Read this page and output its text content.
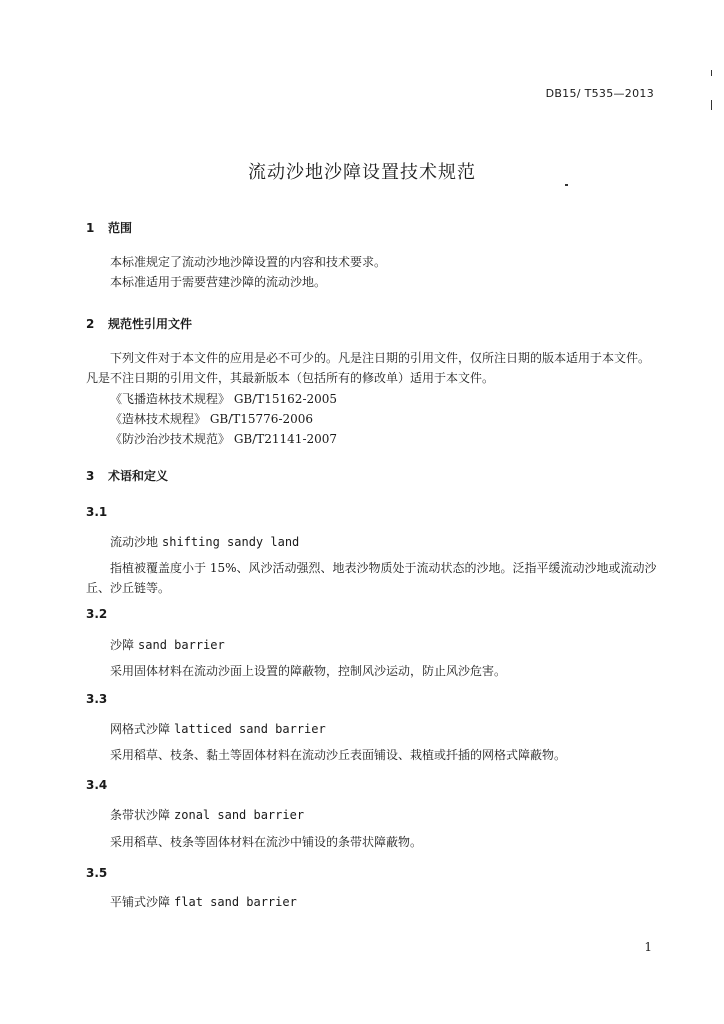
DB15/ T535—2013
流动沙地沙障设置技术规范
1 范围

本标准规定了流动沙地沙障设置的内容和技术要求。

本标准适用于需要营建沙障的流动沙地。

2 规范性引用文件

下列文件对于本文件的应用是必不可少的。凡是注日期的引用文件，仅所注日期的版本适用于本文件。凡是不注日期的引用文件，其最新版本（包括所有的修改单）适用于本文件。

《飞播造林技术规程》 GB/T15162-2005
《造林技术规程》 GB/T15776-2006
《防沙治沙技术规范》 GB/T21141-2007
3 术语和定义
3.1
流动沙地 shifting sandy land

指植被覆盖度小于 15%、风沙活动强烈、地表沙物质处于流动状态的沙地。泛指平缓流动沙地或流动沙丘、沙丘链等。

3.2
沙障 sand barrier

采用固体材料在流动沙面上设置的障蔽物，控制风沙运动，防止风沙危害。

3.3
网格式沙障 latticed sand barrier

采用稻草、枝条、黏土等固体材料在流动沙丘表面铺设、栽植或扦插的网格式障蔽物。

3.4
条带状沙障 zonal sand barrier

采用稻草、枝条等固体材料在流沙中铺设的条带状障蔽物。

3.5
平铺式沙障 flat sand barrier
1
